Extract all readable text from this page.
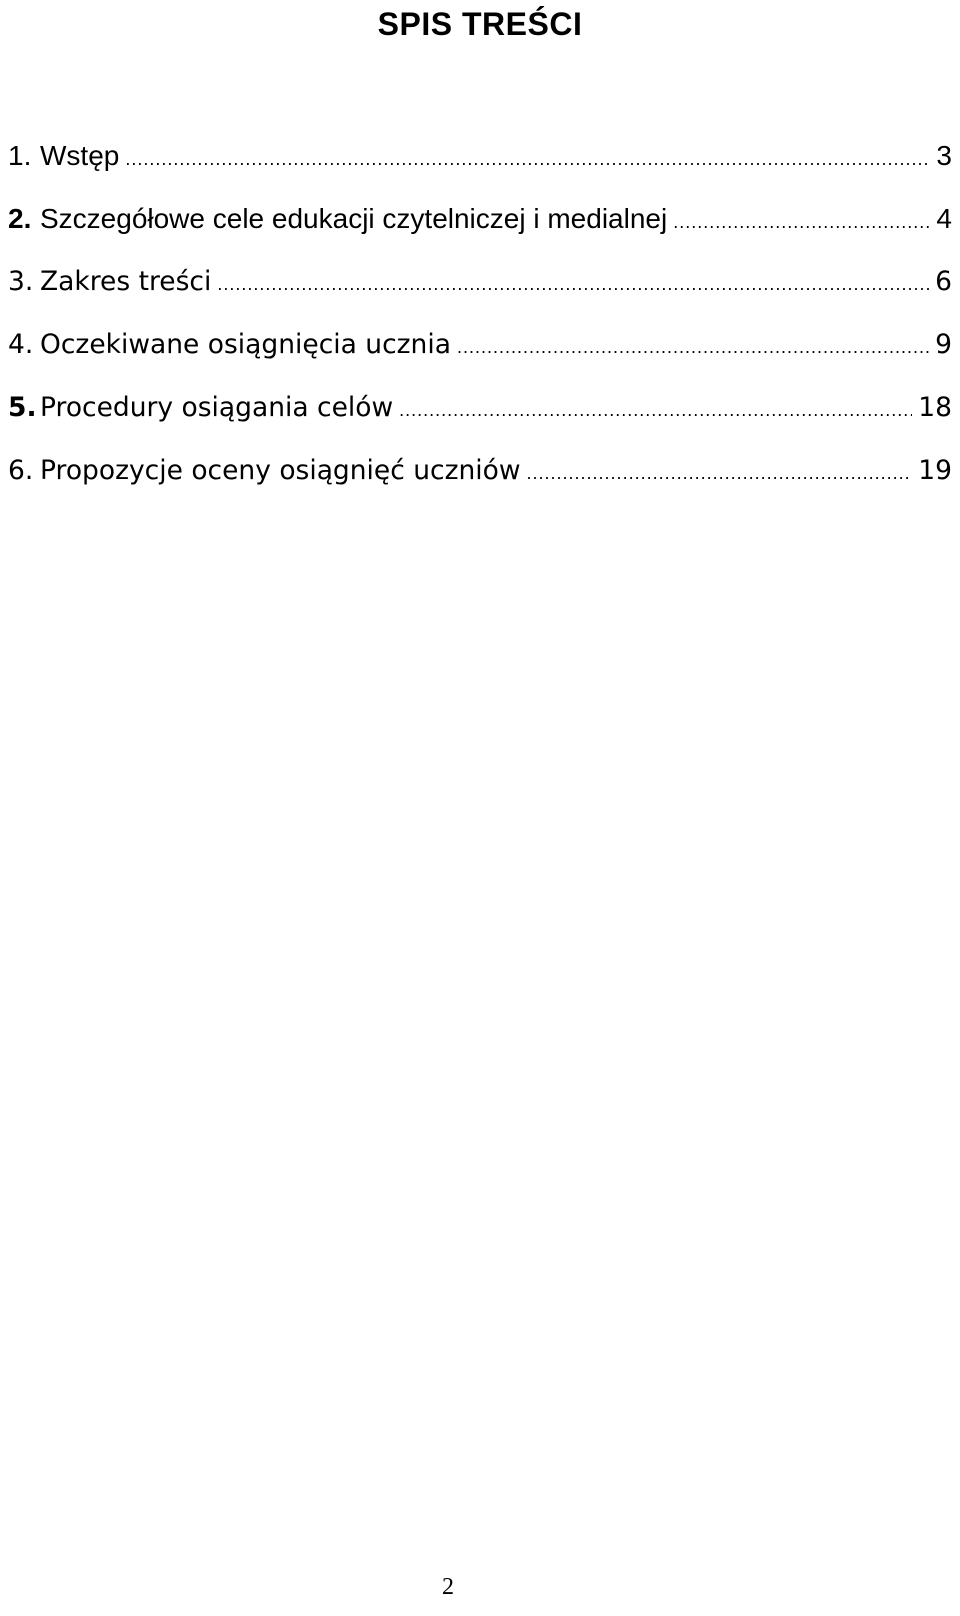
SPIS TREŚCI
1. Wstęp .....	3
2. Szczegółowe cele edukacji czytelniczej i medialnej .....	4
3. Zakres treści .....	6
4. Oczekiwane osiągnięcia ucznia .....	9
5. Procedury osiągania celów .....	18
6. Propozycje oceny osiągnięć uczniów .....	19
2
